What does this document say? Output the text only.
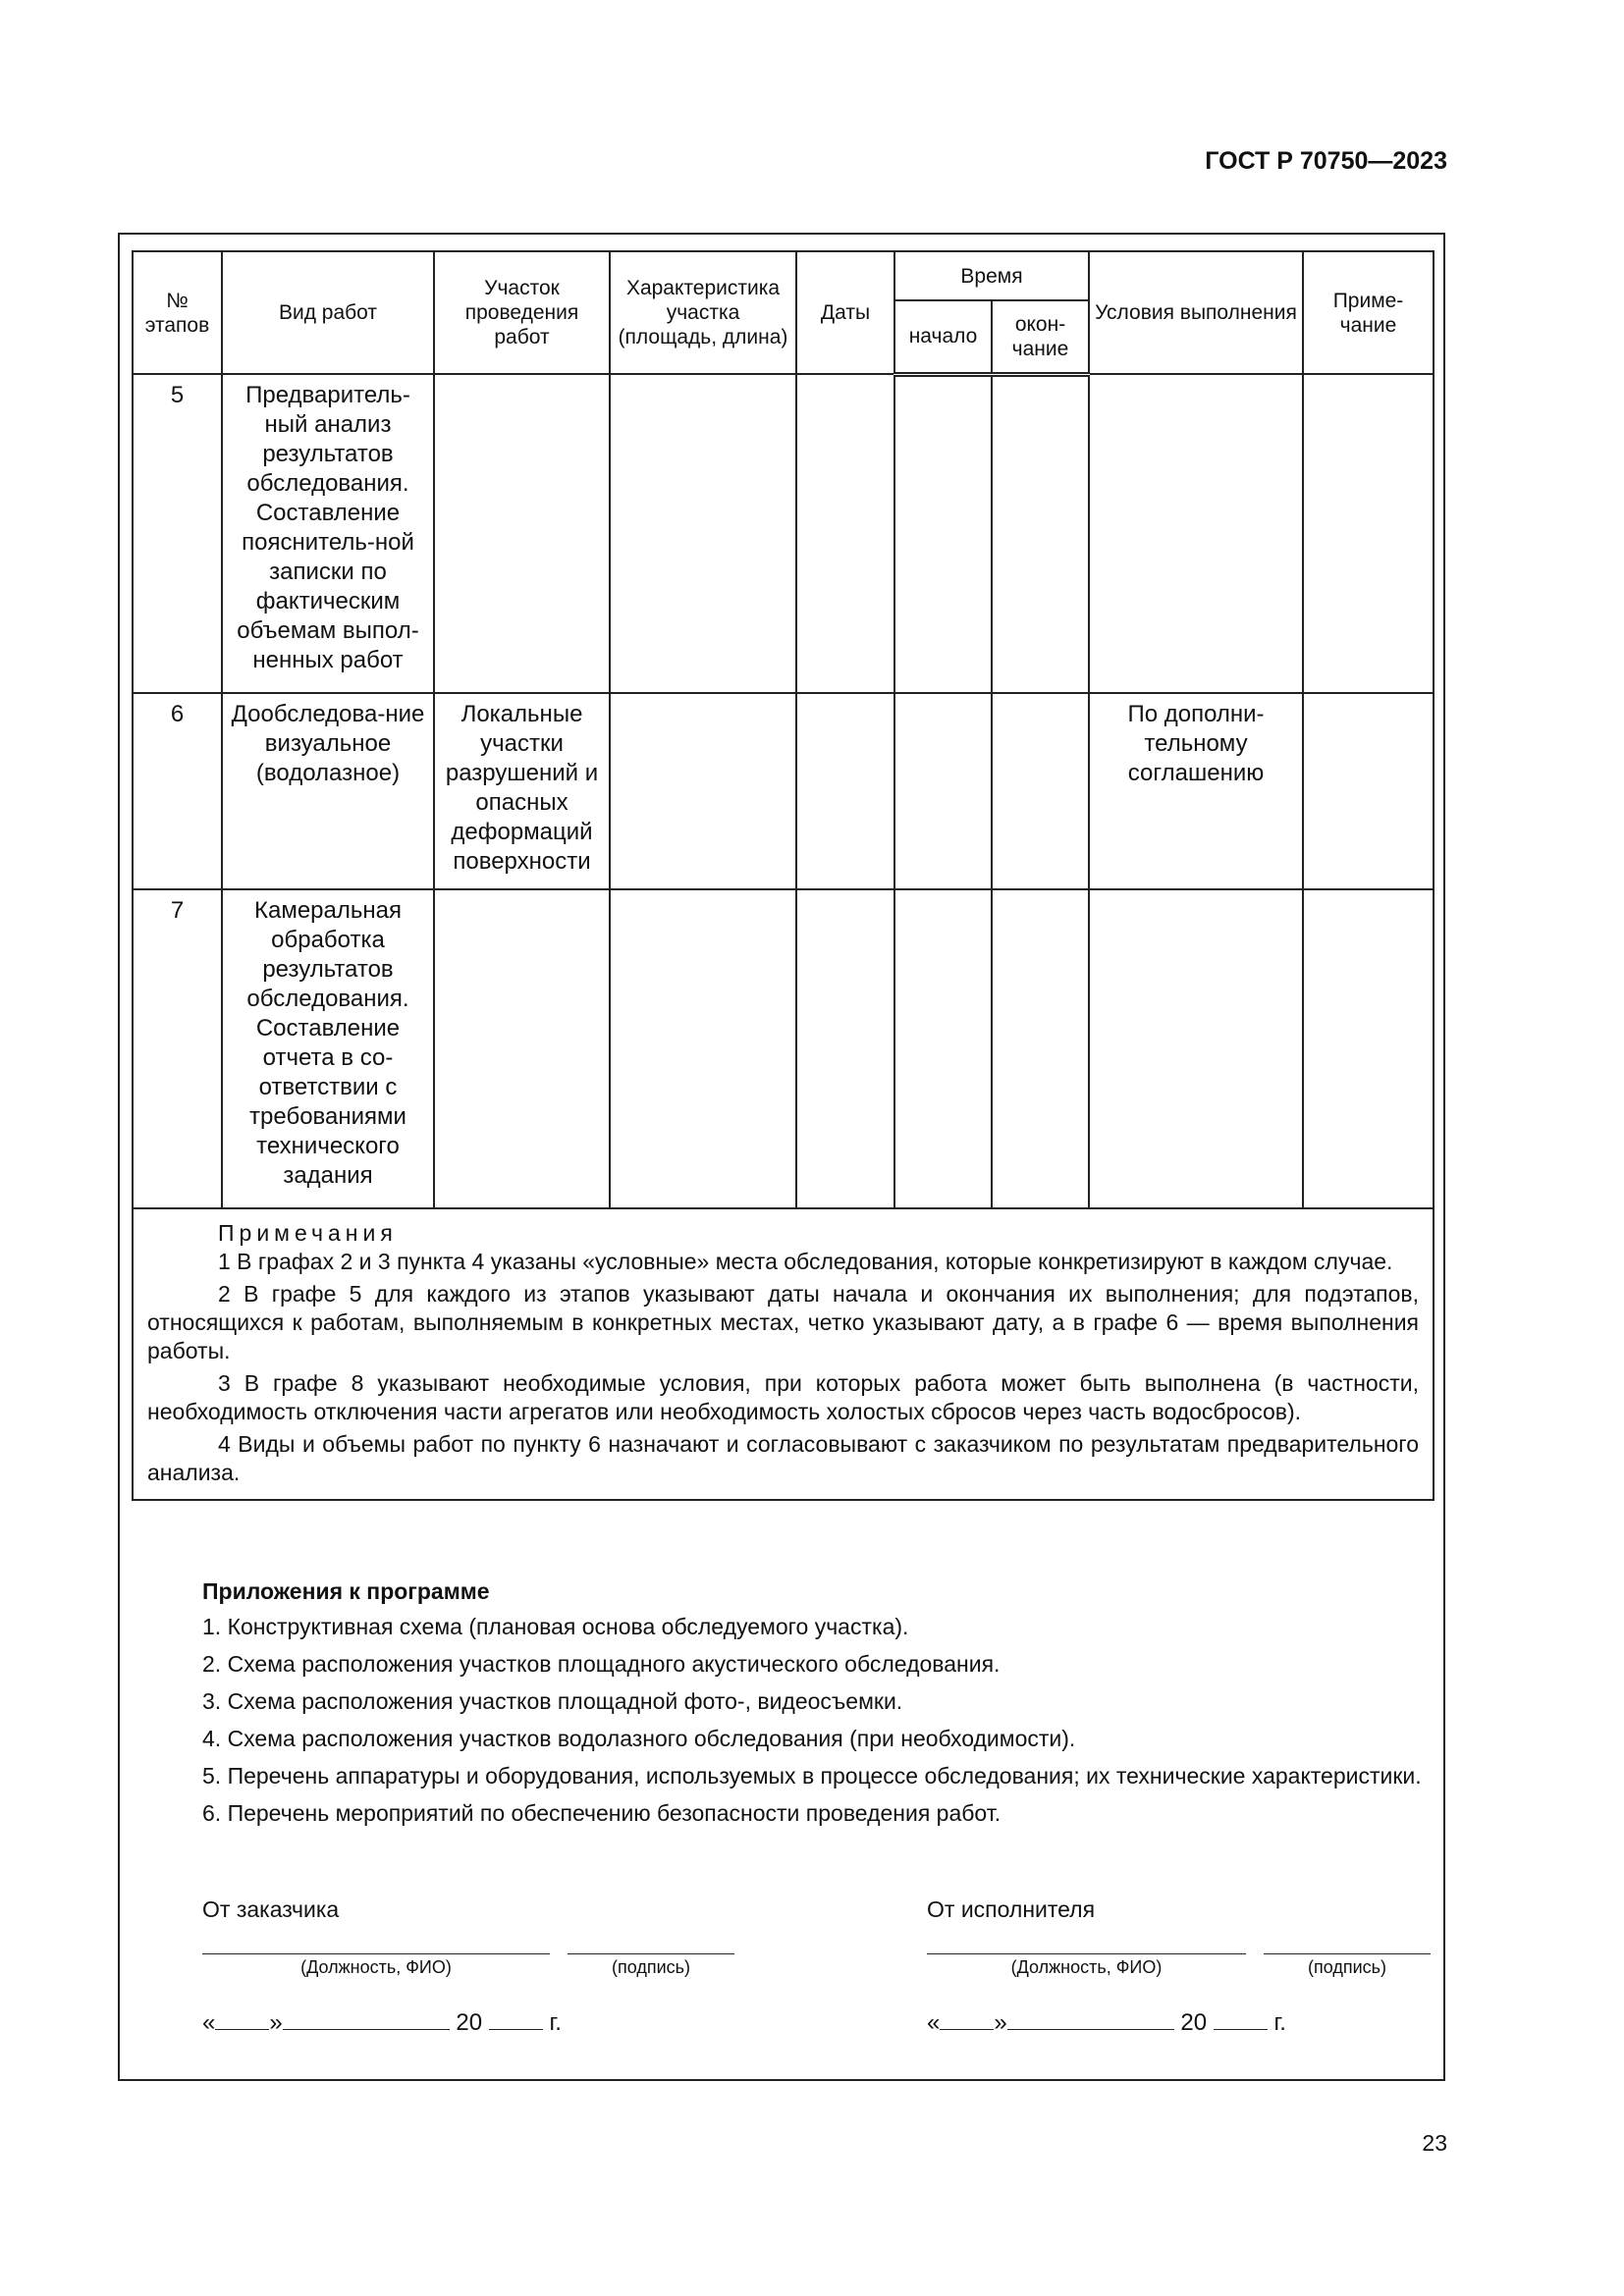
ГОСТ Р 70750—2023
№ этапов	Вид работ	Участок проведения работ	Характеристика участка (площадь, длина)	Даты	Время		Условия выполнения	Приме-чание
					начало	окон-чание		
5	Предваритель-ный анализ результатов обследования. Составление пояснитель-ной записки по фактическим объемам выпол-ненных работ							
6	Дообследова-ние визуальное (водолазное)	Локальные участки разрушений и опасных деформаций поверхности					По дополни-тельному соглашению	
7	Камеральная обработка результатов обследования. Составление отчета в со-ответствии с требованиями технического задания							

Примечания

1 В графах 2 и 3 пункта 4 указаны «условные» места обследования, которые конкретизируют в каждом случае.

2 В графе 5 для каждого из этапов указывают даты начала и окончания их выполнения; для подэтапов, относящихся к работам, выполняемым в конкретных местах, четко указывают дату, а в графе 6 — время выполнения работы.

3 В графе 8 указывают необходимые условия, при которых работа может быть выполнена (в частности, необходимость отключения части агрегатов или необходимость холостых сбросов через часть водосбросов).

4 Виды и объемы работ по пункту 6 назначают и согласовывают с заказчиком по результатам предварительного анализа.								

Приложения к программе

1. Конструктивная схема (плановая основа обследуемого участка).

2. Схема расположения участков площадного акустического обследования.

3. Схема расположения участков площадной фото-, видеосъемки.

4. Схема расположения участков водолазного обследования (при необходимости).

5. Перечень аппаратуры и оборудования, используемых в процессе обследования; их технические характеристики.

6. Перечень мероприятий по обеспечению безопасности проведения работ.

От заказчика
(Должность, ФИО)	(подпись)
« »	20	г.
От исполнителя
(Должность, ФИО)	(подпись)
« »	20	г.
23
